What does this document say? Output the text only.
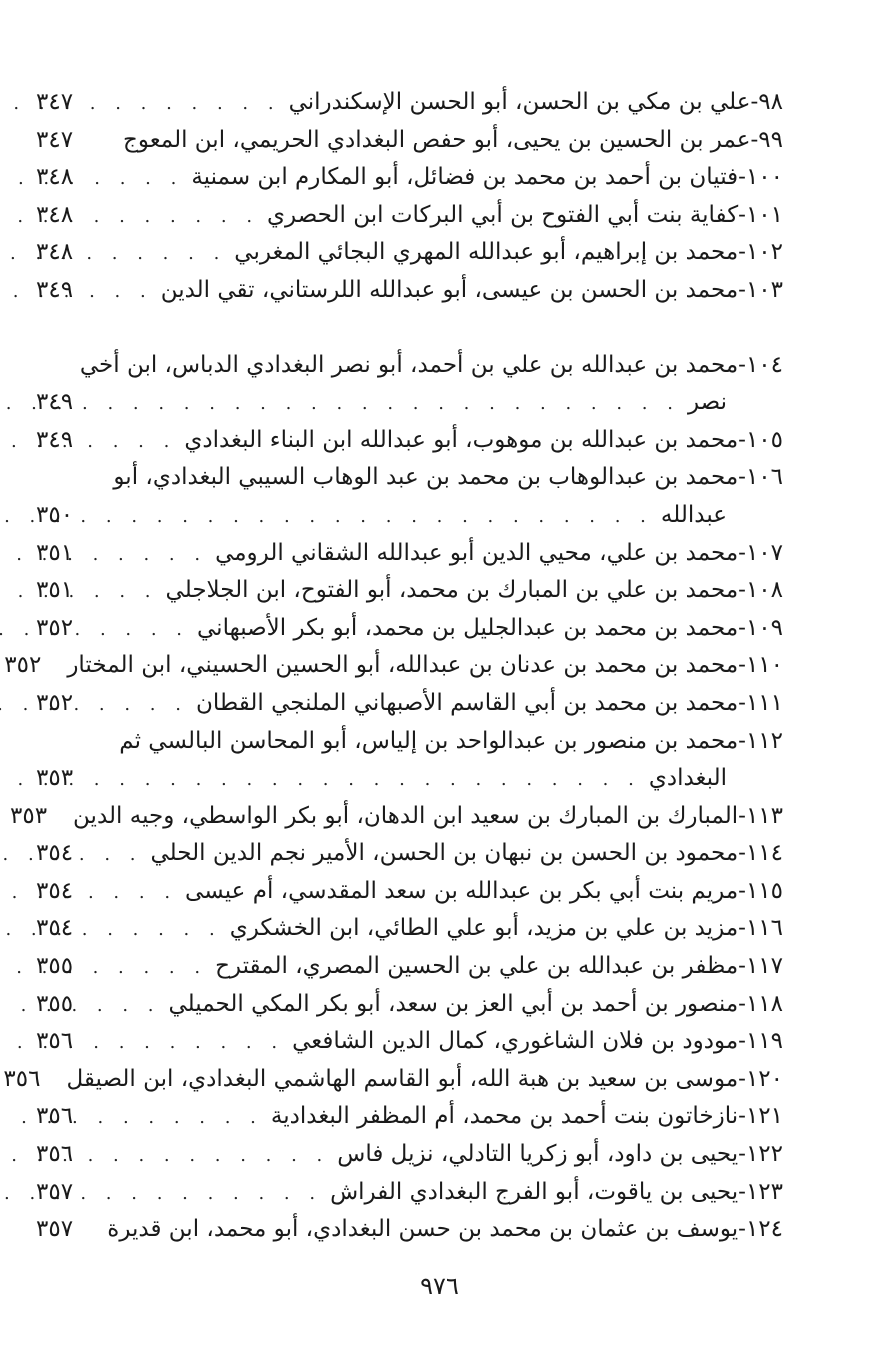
٩٨-
علي بن مكي بن الحسن، أبو الحسن الإسكندراني
. . .
٣٤٧
٩٩-
عمر بن الحسين بن يحيى، أبو حفص البغدادي الحريمي، ابن المعوج
٣٤٧
١٠٠-
فتيان بن أحمد بن محمد بن فضائل، أبو المكارم ابن سمنية
. . .
٣٤٨
١٠١-
كفاية بنت أبي الفتوح بن أبي البركات ابن الحصري
. . .
٣٤٨
١٠٢-
محمد بن إبراهيم، أبو عبدالله المهري البجائي المغربي
. . .
٣٤٨
١٠٣-
محمد بن الحسن بن عيسى، أبو عبدالله اللرستاني، تقي الدين
. . .
٣٤٩
١٠٤-
محمد بن عبدالله بن علي بن أحمد، أبو نصر البغدادي الدباس، ابن أخي
نصر
. . .
٣٤٩
١٠٥-
محمد بن عبدالله بن موهوب، أبو عبدالله ابن البناء البغدادي
. . .
٣٤٩
١٠٦-
محمد بن عبدالوهاب بن محمد بن عبد الوهاب السيبي البغدادي، أبو
عبدالله
. . .
٣٥٠
١٠٧-
محمد بن علي، محيي الدين أبو عبدالله الشقاني الرومي
. . .
٣٥١
١٠٨-
محمد بن علي بن المبارك بن محمد، أبو الفتوح، ابن الجلاجلي
. . .
٣٥١
١٠٩-
محمد بن محمد بن عبدالجليل بن محمد، أبو بكر الأصبهاني
. . .
٣٥٢
١١٠-
محمد بن محمد بن عدنان بن عبدالله، أبو الحسين الحسيني، ابن المختار
٣٥٢
١١١-
محمد بن محمد بن أبي القاسم الأصبهاني الملنجي القطان
. . .
٣٥٢
١١٢-
محمد بن منصور بن عبدالواحد بن إلياس، أبو المحاسن البالسي ثم
البغدادي
. . .
٣٥٣
١١٣-
المبارك بن المبارك بن سعيد ابن الدهان، أبو بكر الواسطي، وجيه الدين
٣٥٣
١١٤-
محمود بن الحسن بن نبهان بن الحسن، الأمير نجم الدين الحلي
. . .
٣٥٤
١١٥-
مريم بنت أبي بكر بن عبدالله بن سعد المقدسي، أم عيسى
. . .
٣٥٤
١١٦-
مزيد بن علي بن مزيد، أبو علي الطائي، ابن الخشكري
. . .
٣٥٤
١١٧-
مظفر بن عبدالله بن علي بن الحسين المصري، المقترح
. . .
٣٥٥
١١٨-
منصور بن أحمد بن أبي العز بن سعد، أبو بكر المكي الحميلي
. . .
٣٥٥
١١٩-
مودود بن فلان الشاغوري، كمال الدين الشافعي
. . .
٣٥٦
١٢٠-
موسى بن سعيد بن هبة الله، أبو القاسم الهاشمي البغدادي، ابن الصيقل
٣٥٦
١٢١-
نازخاتون بنت أحمد بن محمد، أم المظفر البغدادية
. . .
٣٥٦
١٢٢-
يحيى بن داود، أبو زكريا التادلي، نزيل فاس
. . .
٣٥٦
١٢٣-
يحيى بن ياقوت، أبو الفرج البغدادي الفراش
. . .
٣٥٧
١٢٤-
يوسف بن عثمان بن محمد بن حسن البغدادي، أبو محمد، ابن قديرة
٣٥٧
٩٧٦
